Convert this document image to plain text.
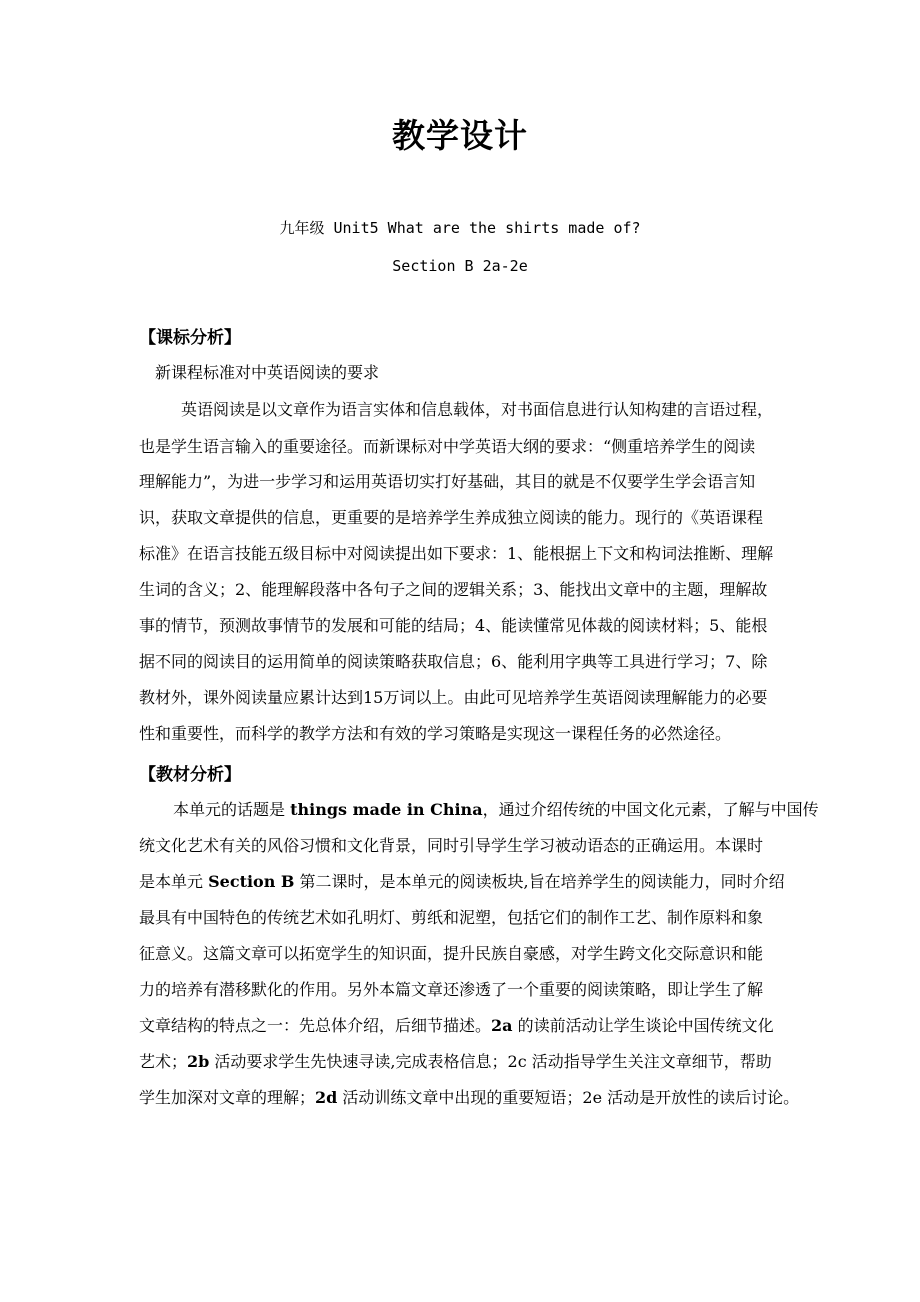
教学设计
九年级 Unit5 What are the shirts made of?
Section B 2a-2e
【课标分析】
新课程标准对中英语阅读的要求
英语阅读是以文章作为语言实体和信息载体，对书面信息进行认知构建的言语过程，
也是学生语言输入的重要途径。而新课标对中学英语大纲的要求：“侧重培养学生的阅读
理解能力”，为进一步学习和运用英语切实打好基础，其目的就是不仅要学生学会语言知
识，获取文章提供的信息，更重要的是培养学生养成独立阅读的能力。现行的《英语课程
标准》在语言技能五级目标中对阅读提出如下要求：1、能根据上下文和构词法推断、理解
生词的含义；2、能理解段落中各句子之间的逻辑关系；3、能找出文章中的主题，理解故
事的情节，预测故事情节的发展和可能的结局；4、能读懂常见体裁的阅读材料；5、能根
据不同的阅读目的运用简单的阅读策略获取信息；6、能利用字典等工具进行学习；7、除
教材外，课外阅读量应累计达到15万词以上。由此可见培养学生英语阅读理解能力的必要
性和重要性，而科学的教学方法和有效的学习策略是实现这一课程任务的必然途径。
【教材分析】
本单元的话题是 things made in China，通过介绍传统的中国文化元素，了解与中国传
统文化艺术有关的风俗习惯和文化背景，同时引导学生学习被动语态的正确运用。本课时
是本单元 Section B 第二课时，是本单元的阅读板块,旨在培养学生的阅读能力，同时介绍
最具有中国特色的传统艺术如孔明灯、剪纸和泥塑，包括它们的制作工艺、制作原料和象
征意义。这篇文章可以拓宽学生的知识面，提升民族自豪感，对学生跨文化交际意识和能
力的培养有潜移默化的作用。另外本篇文章还渗透了一个重要的阅读策略，即让学生了解
文章结构的特点之一：先总体介绍，后细节描述。2a 的读前活动让学生谈论中国传统文化
艺术；2b 活动要求学生先快速寻读,完成表格信息；2c 活动指导学生关注文章细节，帮助
学生加深对文章的理解；2d 活动训练文章中出现的重要短语；2e 活动是开放性的读后讨论。
